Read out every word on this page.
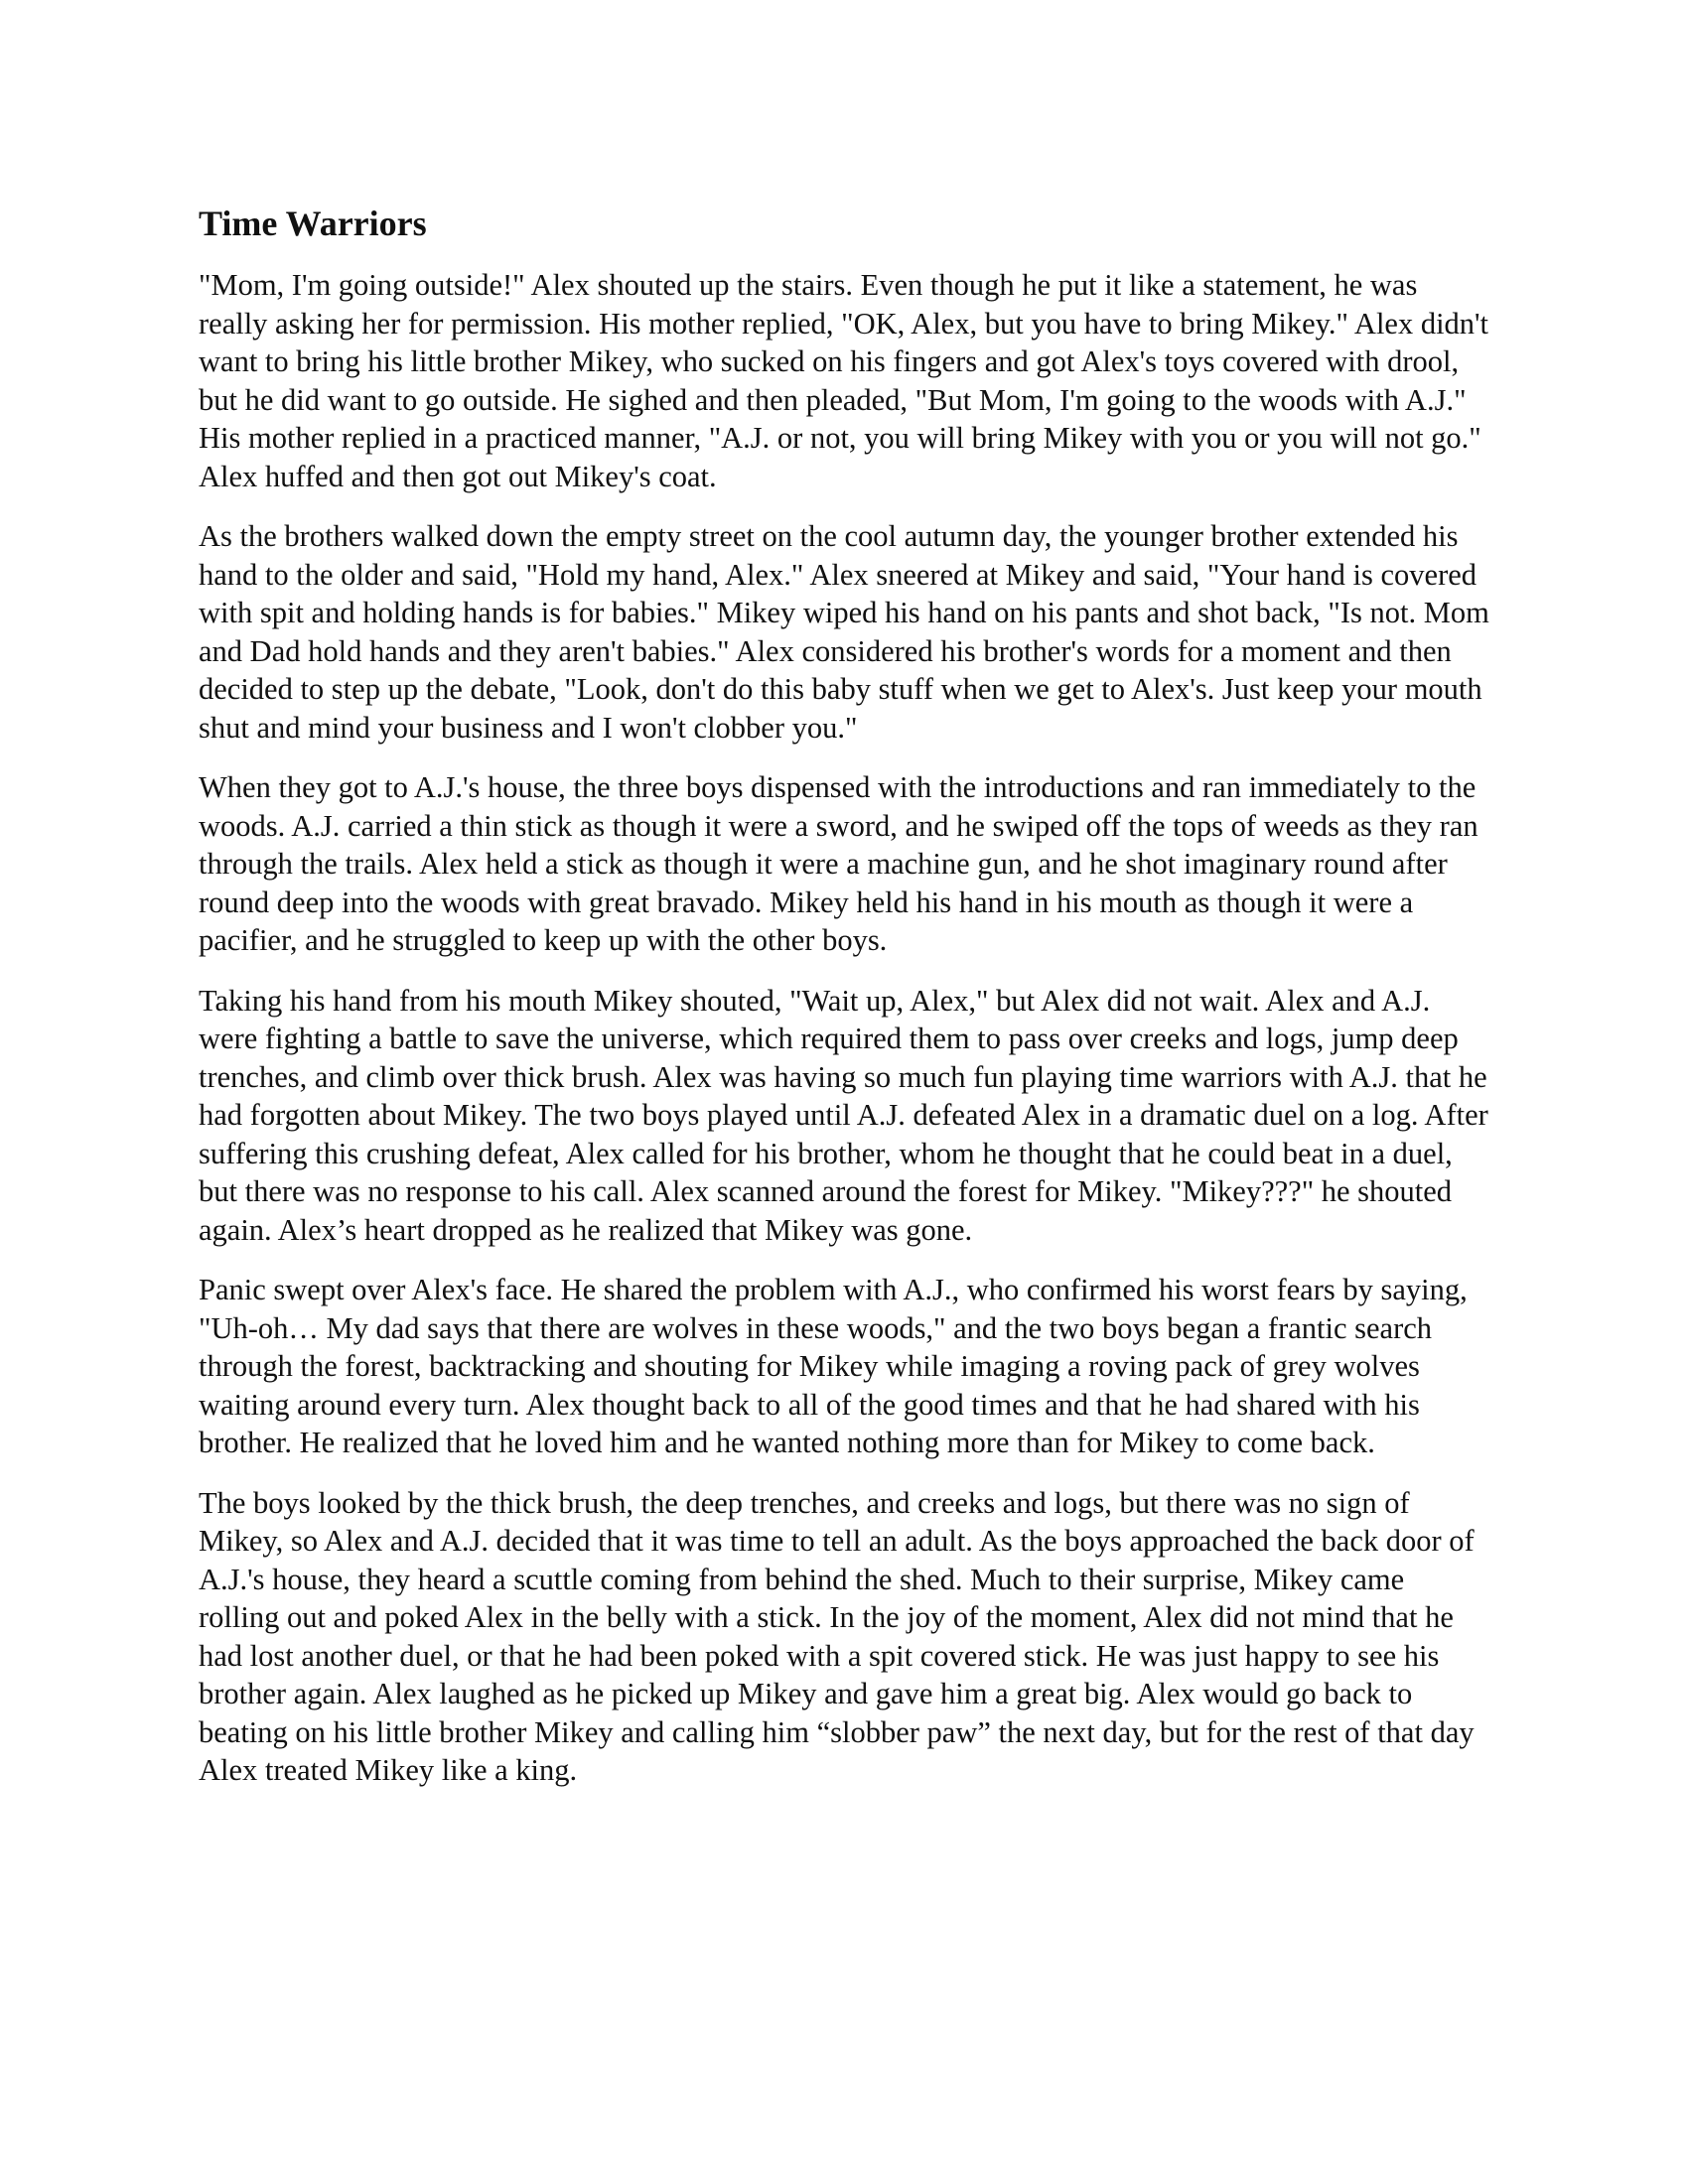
Time Warriors

"Mom, I'm going outside!" Alex shouted up the stairs. Even though he put it like a statement, he was really asking her for permission. His mother replied, "OK, Alex, but you have to bring Mikey." Alex didn't want to bring his little brother Mikey, who sucked on his fingers and got Alex's toys covered with drool, but he did want to go outside. He sighed and then pleaded, "But Mom, I'm going to the woods with A.J." His mother replied in a practiced manner, "A.J. or not, you will bring Mikey with you or you will not go." Alex huffed and then got out Mikey's coat.

As the brothers walked down the empty street on the cool autumn day, the younger brother extended his hand to the older and said, "Hold my hand, Alex." Alex sneered at Mikey and said, "Your hand is covered with spit and holding hands is for babies." Mikey wiped his hand on his pants and shot back, "Is not. Mom and Dad hold hands and they aren't babies." Alex considered his brother's words for a moment and then decided to step up the debate, "Look, don't do this baby stuff when we get to Alex's. Just keep your mouth shut and mind your business and I won't clobber you."

When they got to A.J.'s house, the three boys dispensed with the introductions and ran immediately to the woods. A.J. carried a thin stick as though it were a sword, and he swiped off the tops of weeds as they ran through the trails. Alex held a stick as though it were a machine gun, and he shot imaginary round after round deep into the woods with great bravado. Mikey held his hand in his mouth as though it were a pacifier, and he struggled to keep up with the other boys.

Taking his hand from his mouth Mikey shouted, "Wait up, Alex," but Alex did not wait. Alex and A.J. were fighting a battle to save the universe, which required them to pass over creeks and logs, jump deep trenches, and climb over thick brush. Alex was having so much fun playing time warriors with A.J. that he had forgotten about Mikey. The two boys played until A.J. defeated Alex in a dramatic duel on a log. After suffering this crushing defeat, Alex called for his brother, whom he thought that he could beat in a duel, but there was no response to his call. Alex scanned around the forest for Mikey. "Mikey???" he shouted again. Alex’s heart dropped as he realized that Mikey was gone.

Panic swept over Alex's face. He shared the problem with A.J., who confirmed his worst fears by saying, "Uh-oh… My dad says that there are wolves in these woods," and the two boys began a frantic search through the forest, backtracking and shouting for Mikey while imaging a roving pack of grey wolves waiting around every turn. Alex thought back to all of the good times and that he had shared with his brother. He realized that he loved him and he wanted nothing more than for Mikey to come back.

The boys looked by the thick brush, the deep trenches, and creeks and logs, but there was no sign of Mikey, so Alex and A.J. decided that it was time to tell an adult. As the boys approached the back door of A.J.'s house, they heard a scuttle coming from behind the shed. Much to their surprise, Mikey came rolling out and poked Alex in the belly with a stick. In the joy of the moment, Alex did not mind that he had lost another duel, or that he had been poked with a spit covered stick. He was just happy to see his brother again. Alex laughed as he picked up Mikey and gave him a great big. Alex would go back to beating on his little brother Mikey and calling him “slobber paw” the next day, but for the rest of that day Alex treated Mikey like a king.
